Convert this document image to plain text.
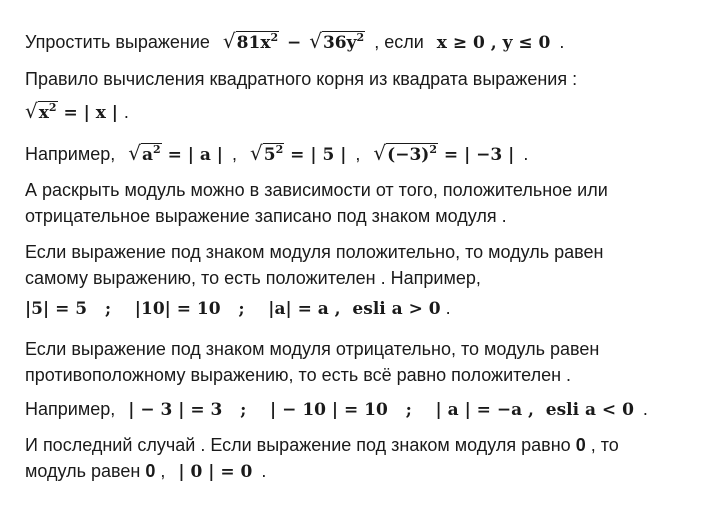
Упростить выражение $√81x^2 - √36y^2$ , если x ≥ 0 , y ≤ 0 .
Правило вычисления квадратного корня из квадрата выражения :
$√x^2$ = | x | .
Например, $√a^2$ = | a | , $√5^2$ = | 5 | , $√(-3)^2$ = | −3 | .
А раскрыть модуль можно в зависимости от того, положительное или
отрицательное выражение записано под знаком модуля .
Если выражение под знаком модуля положительно, то модуль равен
самому выражению, то есть положителен . Например,
|5| = 5   ;    |10| = 10   ;    |a| = a ,  esli a > 0 .
Если выражение под знаком модуля отрицательно, то модуль равен
противоположному выражению, то есть всё равно положителен .
Например, | − 3 | = 3   ;    | − 10 | = 10   ;    | a | = −a ,  esli a < 0 .
И последний случай . Если выражение под знаком модуля равно 0 , то
модуль равен 0 , | 0 | = 0 .
